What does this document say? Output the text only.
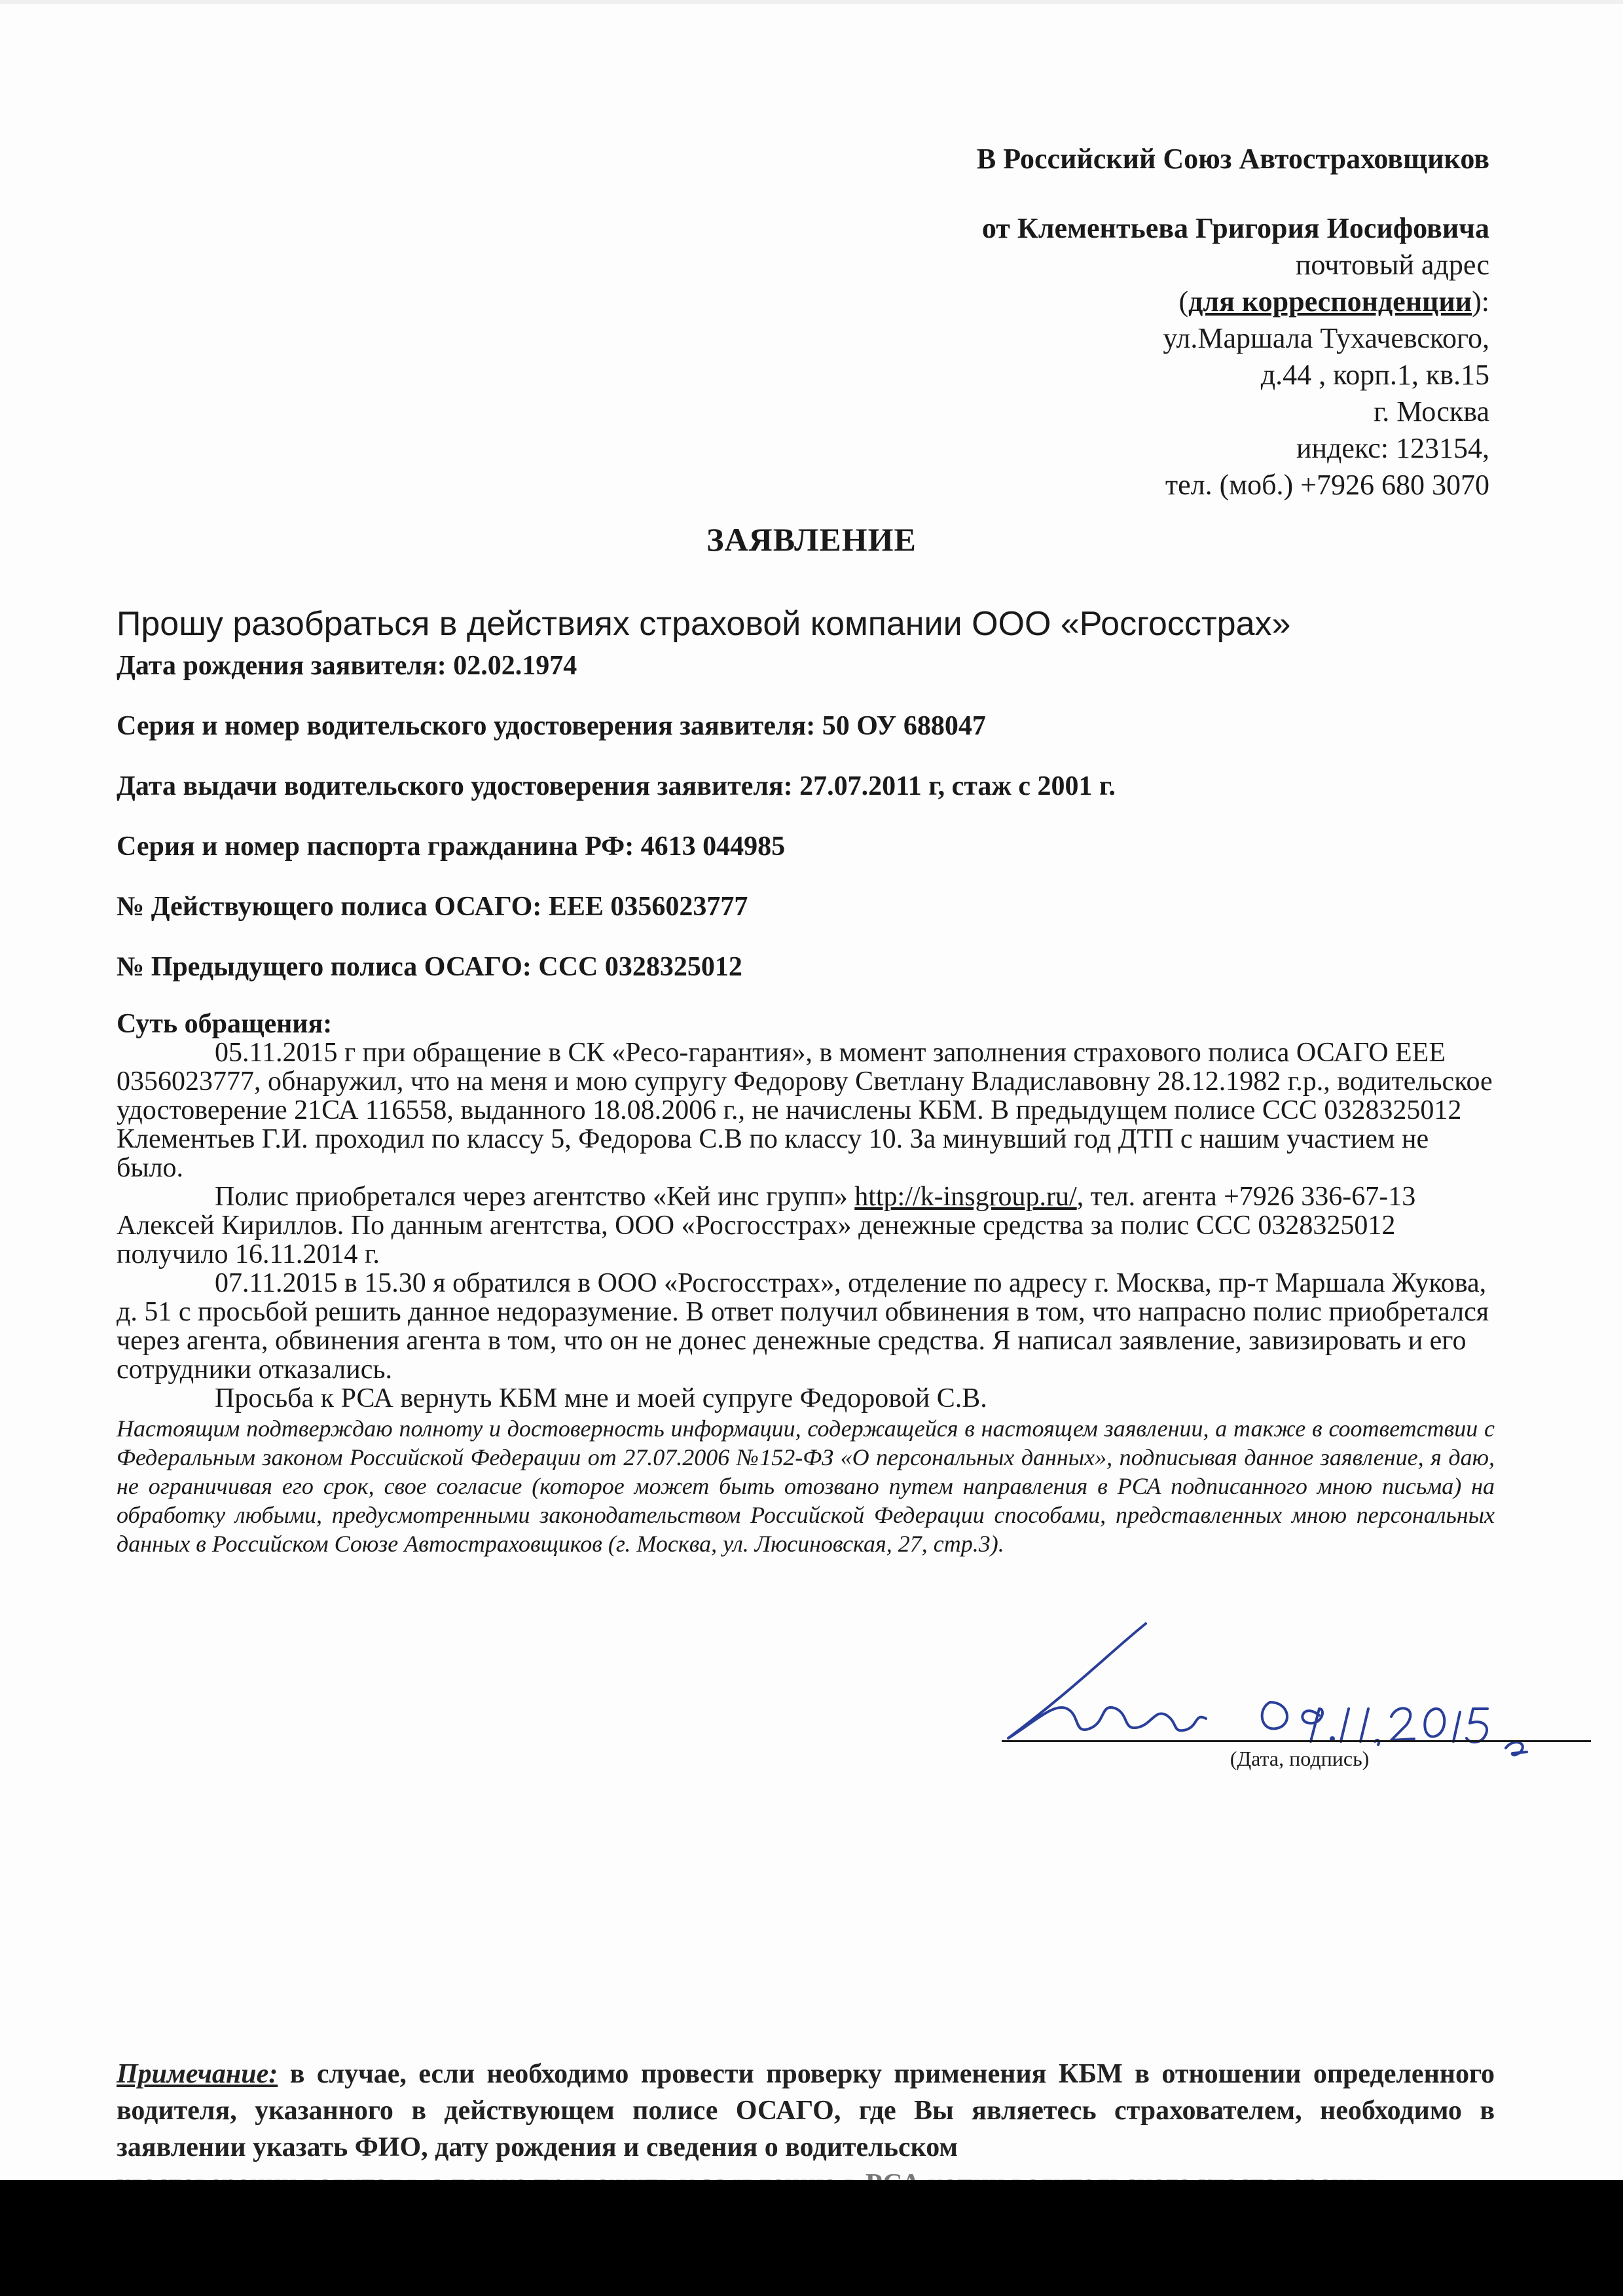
В Российский Союз Автостраховщиков
от Клементьева Григория Иосифовича
почтовый адрес
(для корреспонденции):
ул.Маршала Тухачевского,
д.44 , корп.1, кв.15
г. Москва
индекс: 123154,
тел. (моб.) +7926 680 3070
ЗАЯВЛЕНИЕ
Прошу разобраться в действиях страховой компании ООО «Росгосстрах»
Дата рождения заявителя: 02.02.1974
Серия и номер водительского удостоверения заявителя: 50 ОУ 688047
Дата выдачи водительского удостоверения заявителя: 27.07.2011 г, стаж с 2001 г.
Серия и номер паспорта гражданина РФ: 4613 044985
№ Действующего полиса ОСАГО: ЕЕЕ 0356023777
№ Предыдущего полиса ОСАГО: ССС 0328325012
Суть обращения:

05.11.2015 г при обращение в СК «Ресо-гарантия», в момент заполнения страхового полиса ОСАГО ЕЕЕ 0356023777, обнаружил, что на меня и мою супругу Федорову Светлану Владиславовну 28.12.1982 г.р., водительское удостоверение 21СА 116558, выданного 18.08.2006 г., не начислены КБМ. В предыдущем полисе ССС 0328325012 Клементьев Г.И. проходил по классу 5, Федорова С.В по классу 10. За минувший год ДТП с нашим участием не было.

Полис приобретался через агентство «Кей инс групп» http://k-insgroup.ru/, тел. агента +7926 336-67-13 Алексей Кириллов. По данным агентства, ООО «Росгосстрах» денежные средства за полис ССС 0328325012 получило 16.11.2014 г.

07.11.2015 в 15.30 я обратился в ООО «Росгосстрах», отделение по адресу г. Москва, пр-т Маршала Жукова, д. 51 с просьбой решить данное недоразумение. В ответ получил обвинения в том, что напрасно полис приобретался через агента, обвинения агента в том, что он не донес денежные средства. Я написал заявление, завизировать и его сотрудники отказались.

Просьба к РСА вернуть КБМ мне и моей супруге Федоровой С.В.

Настоящим подтверждаю полноту и достоверность информации, содержащейся в настоящем заявлении, а также в соответствии с Федеральным законом Российской Федерации от 27.07.2006 №152-ФЗ «О персональных данных», подписывая данное заявление, я даю, не ограничивая его срок, свое согласие (которое может быть отозвано путем направления в РСА подписанного мною письма) на обработку любыми, предусмотренными законодательством Российской Федерации способами, представленных мною персональных данных в Российском Союзе Автостраховщиков (г. Москва, ул. Люсиновская, 27, стр.3).
(Дата, подпись)
Примечание: в случае, если необходимо провести проверку применения КБМ в отношении определенного водителя, указанного в действующем полисе ОСАГО, где Вы являетесь страхователем, необходимо в заявлении указать ФИО, дату рождения и сведения о водительском
